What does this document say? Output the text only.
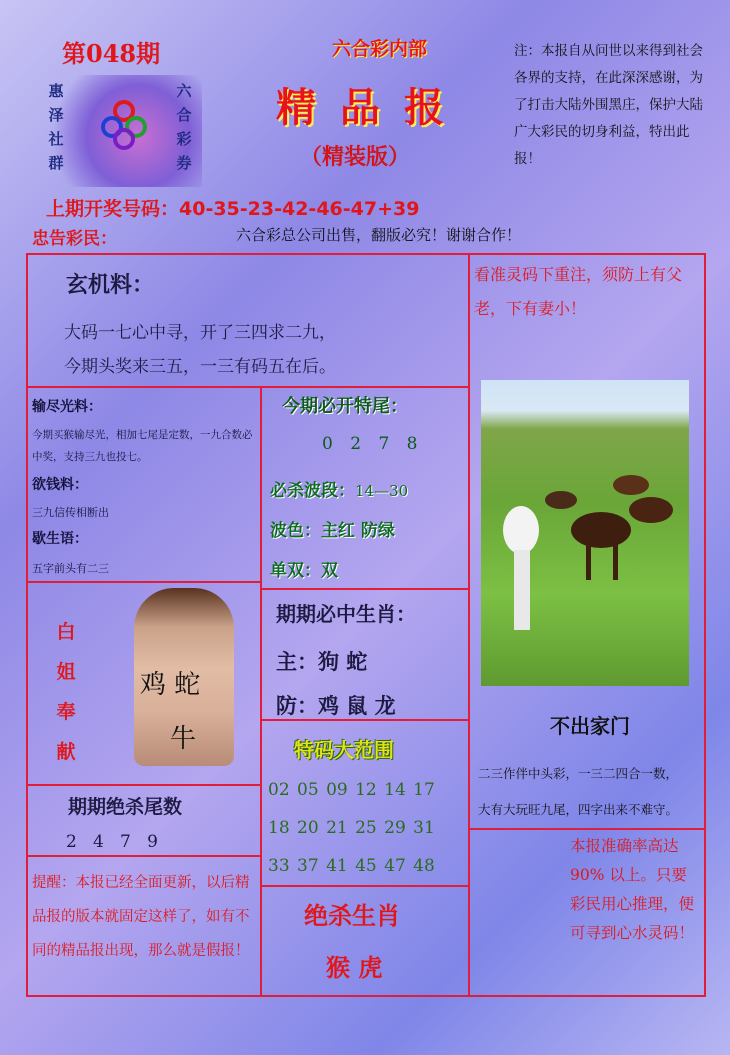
第048期	六合彩内部
惠
泽
社
群
六
合
彩
券
精品报
（精装版）
注：本报自从问世以来得到社会各界的支持，在此深深感谢，为了打击大陆外围黑庄，保护大陆广大彩民的切身利益，特出此报！
上期开奖号码：40-35-23-42-46-47+39
忠告彩民：	六合彩总公司出售，翻版必究！谢谢合作！
玄机料：
大码一七心中寻，开了三四求二九，
今期头奖来三五，一三有码五在后。
输尽光料：
今期买猴输尽光，相加七尾是定数，一九合数必中奖，支持三九也投七。
欲钱料：
三九信传相断出
歇生语：
五字前头有二三
今期必开特尾：
0 2 7 8
必杀波段：14—30
波色：主红 防绿
单双：双
白
姐
奉
献
鸡 蛇
牛
期期必中生肖：
主：狗 蛇
防：鸡 鼠 龙
期期绝杀尾数
2   4   7   9
特码大范围
02 05 09 12 14 17
18 20 21 25 29 31
33 37 41 45 47 48
提醒：本报已经全面更新，以后精品报的版本就固定这样了，如有不同的精品报出现，那么就是假报！
绝杀生肖
猴 虎
看准灵码下重注，须防上有父老，下有妻小！
不出家门
二三作伴中头彩，一三二四合一数，
大有大玩旺九尾，四字出来不难守。
本报准确率高达 90% 以上。只要彩民用心推理，便可寻到心水灵码！
